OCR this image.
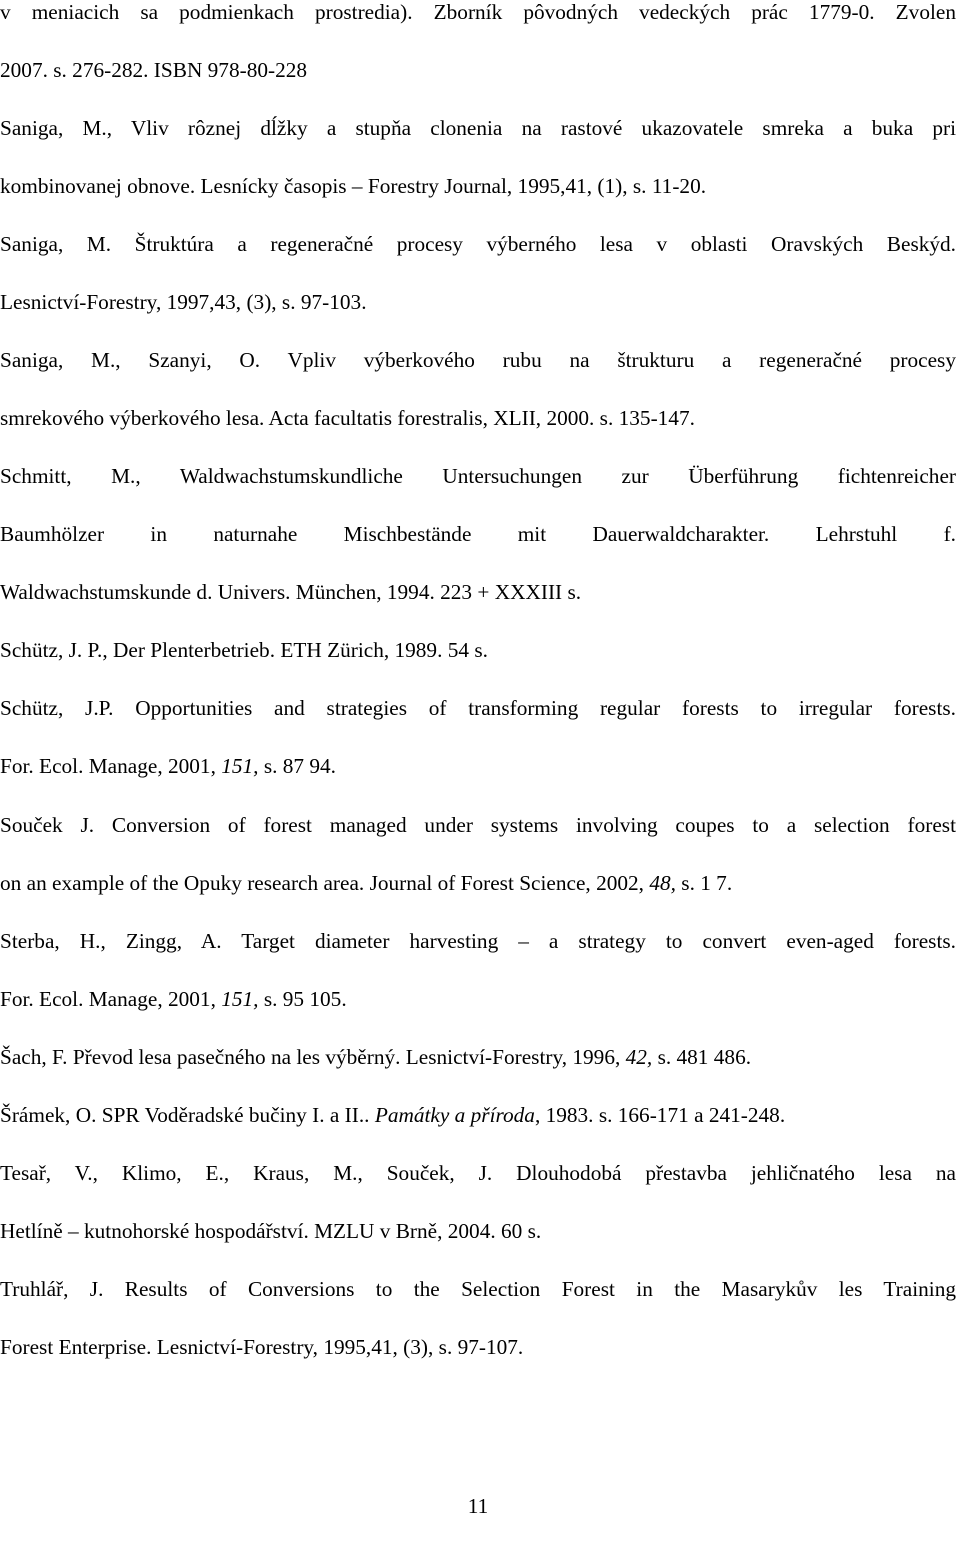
v meniacich sa podmienkach prostredia). Zborník pôvodných vedeckých prác 1779-0. Zvolen
2007. s. 276-282. ISBN 978-80-228
Saniga, M., Vliv rôznej dĺžky a stupňa clonenia na rastové ukazovatele smreka a buka pri
kombinovanej obnove. Lesnícky časopis – Forestry Journal, 1995,41, (1), s. 11-20.
Saniga, M. Štruktúra a regeneračné procesy výberného lesa v oblasti Oravských Beskýd.
Lesnictví-Forestry, 1997,43, (3), s. 97-103.
Saniga, M., Szanyi, O. Vpliv výberkového rubu na štrukturu a regeneračné procesy
smrekového výberkového lesa. Acta facultatis forestralis, XLII, 2000. s. 135-147.
Schmitt, M., Waldwachstumskundliche Untersuchungen zur Überführung fichtenreicher
Baumhölzer in naturnahe Mischbestände mit Dauerwaldcharakter. Lehrstuhl f.
Waldwachstumskunde d. Univers. München, 1994. 223 + XXXIII s.
Schütz, J. P., Der Plenterbetrieb. ETH Zürich, 1989. 54 s.
Schütz, J.P. Opportunities and strategies of transforming regular forests to irregular forests.
For. Ecol. Manage, 2001, 151, s. 87 94.
Souček J. Conversion of forest managed under systems involving coupes to a selection forest
on an example of the Opuky research area. Journal of Forest Science, 2002, 48, s. 1 7.
Sterba, H., Zingg, A. Target diameter harvesting – a strategy to convert even-aged forests.
For. Ecol. Manage, 2001, 151, s. 95 105.
Šach, F. Převod lesa pasečného na les výběrný. Lesnictví-Forestry, 1996, 42, s. 481 486.
Šrámek, O. SPR Voděradské bučiny I. a II.. Památky a příroda, 1983. s. 166-171 a 241-248.
Tesař, V., Klimo, E., Kraus, M., Souček, J. Dlouhodobá přestavba jehličnatého lesa na
Hetlíně – kutnohorské hospodářství. MZLU v Brně, 2004. 60 s.
Truhlář, J. Results of Conversions to the Selection Forest in the Masarykův les Training
Forest Enterprise. Lesnictví-Forestry, 1995,41, (3), s. 97-107.
11
